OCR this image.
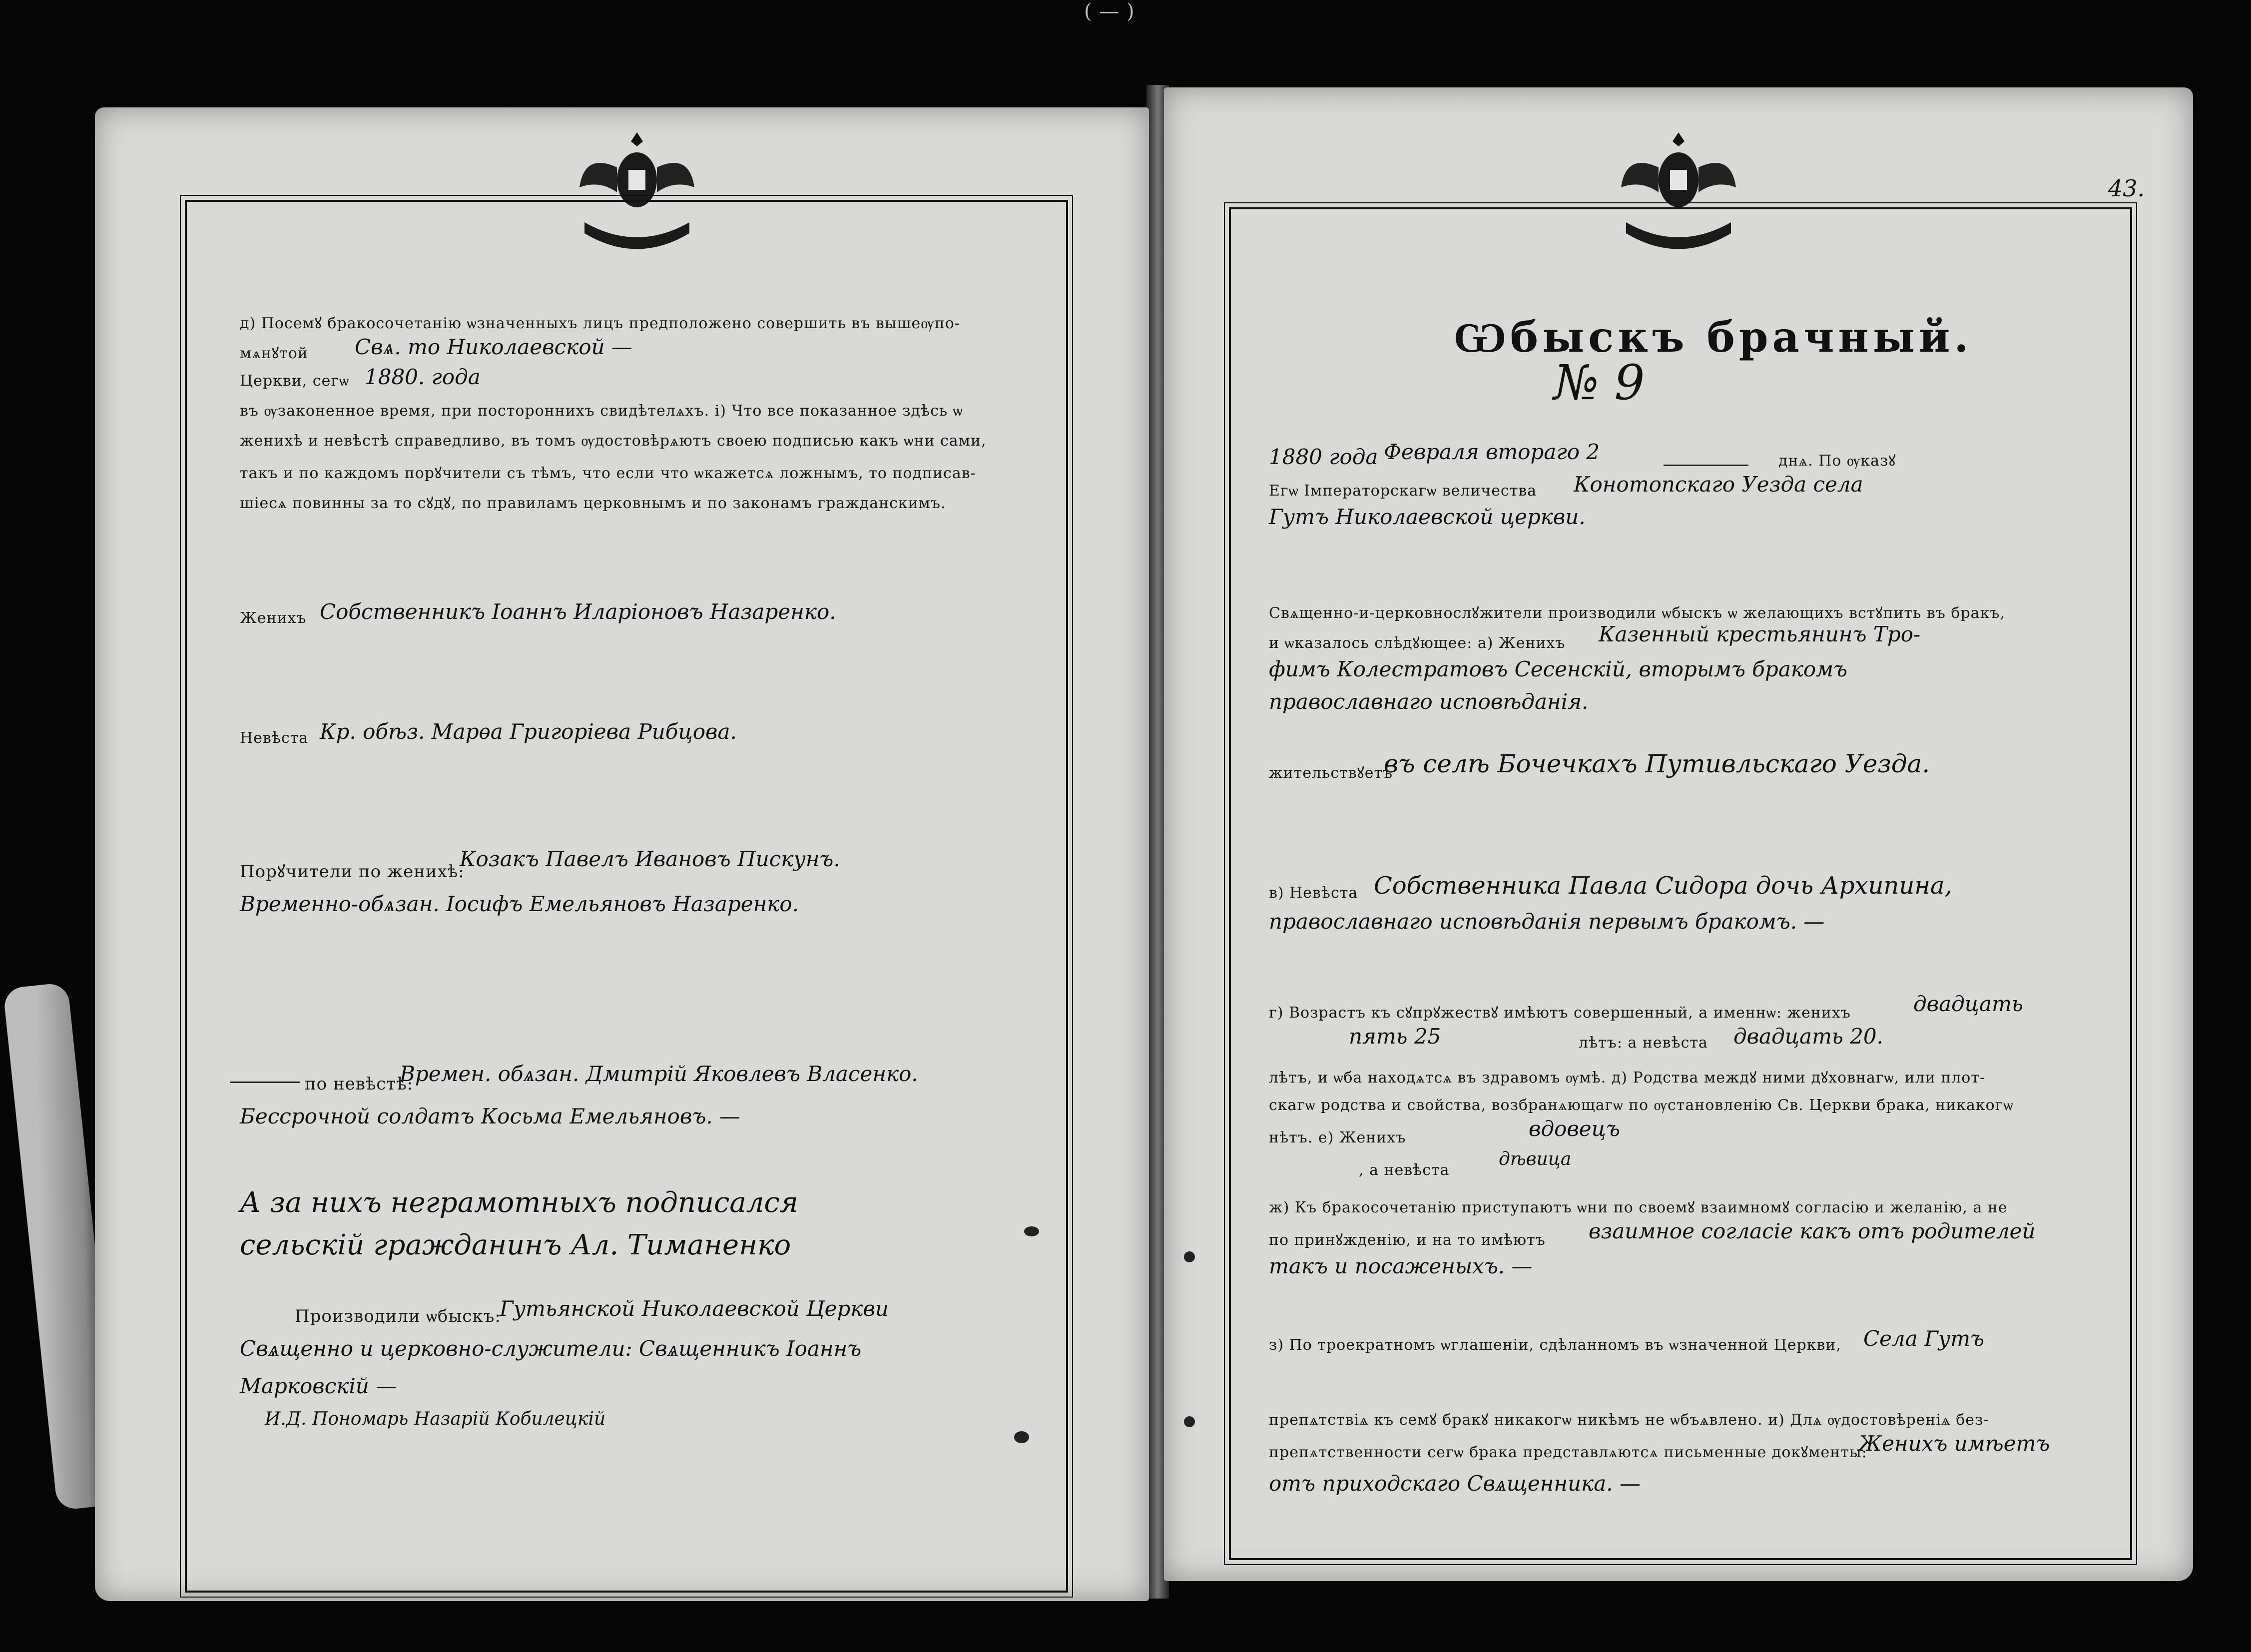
д) Посемꙋ бракосочетанію ѡзначенныхъ лицъ предположено совершить въ вышеѹпо-
мѧнꙋтой Свѧ. то Николаевской —
Церкви, сегѡ 1880. года
въ ѹзаконенное время, при постороннихъ свидѣтелѧхъ. і) Что все показанное здѣсь ѡ
женихѣ и невѣстѣ справедливо, въ томъ ѹдостовѣрѧютъ своею подписью какъ ѡни сами,
такъ и по каждомъ порꙋчители съ тѣмъ, что если что ѡкажетсѧ ложнымъ, то подписав-
шіесѧ повинны за то сꙋдꙋ, по правиламъ церковнымъ и по законамъ гражданскимъ.
Женихъ Собственникъ Іоаннъ Иларіоновъ Назаренко.
Невѣста Кр. обѣз. Марѳа Григоріева Рибцова.
Порꙋчители по женихѣ:
Козакъ Павелъ Ивановъ Пискунъ.
Временно-обѧзан. Іосифъ Емельяновъ Назаренко.
по невѣстѣ:
Времен. обѧзан. Дмитрій Яковлевъ Власенко.
Бессрочной солдатъ Косьма Емельяновъ. —
А за нихъ неграмотныхъ подписался
сельскій гражданинъ Ал. Тиманенко
Производили ѡбыскъ:
Гутьянской Николаевской Церкви
Свѧщенно и церковно-служители: Свѧщенникъ Іоаннъ
Марковскій —
И.Д. Пономарь Назарій Кобилецкій
43.
Ѡбыскъ брачный.
№ 9
1880 года Февраля втораго 2	днѧ. По ѹказꙋ
Егѡ Імператорскагѡ величества Конотопскаго Уезда села
Гутъ Николаевской церкви.
Свѧщенно-и-церковнослꙋжители производили ѡбыскъ ѡ желающихъ встꙋпить въ бракъ,
и ѡказалось слѣдꙋющее: а) Женихъ Казенный крестьянинъ Тро-
фимъ Колестратовъ Сесенскій, вторымъ бракомъ
православнаго исповѣданія.
жительствꙋетъ
въ селѣ Бочечкахъ Путивльскаго Уезда.
в) Невѣста Собственника Павла Сидора дочь Архипина,
православнаго исповѣданія первымъ бракомъ. —
г) Возрастъ къ сꙋпрꙋжествꙋ имѣютъ совершенный, а именнѡ: женихъ	двадцать
пять 25	лѣтъ: а невѣста двадцать 20.
лѣтъ, и ѡба находѧтсѧ въ здравомъ ѹмѣ. д) Родства междꙋ ними дꙋховнагѡ, или плот-
скагѡ родства и свойства, возбранѧющагѡ по ѹстановленію Св. Церкви брака, никакогѡ
нѣтъ. е) Женихъ	вдовецъ
, а невѣста
дѣвица
ж) Къ бракосочетанію приступаютъ ѡни по своемꙋ взаимномꙋ согласію и желанію, а не
по принꙋжденію, и на то имѣютъ взаимное согласіе какъ отъ родителей
такъ и посаженыхъ. —
з) По троекратномъ ѡглашеніи, сдѣланномъ въ ѡзначенной Церкви, Села Гутъ
препѧтствіѧ къ семꙋ бракꙋ никакогѡ никѣмъ не ѡбъѧвлено. и) Длѧ ѹдостовѣреніѧ без-
препѧтственности сегѡ брака представлѧютсѧ письменные докꙋменты:
Женихъ имѣетъ
отъ приходскаго Свѧщенника. —
( — )
